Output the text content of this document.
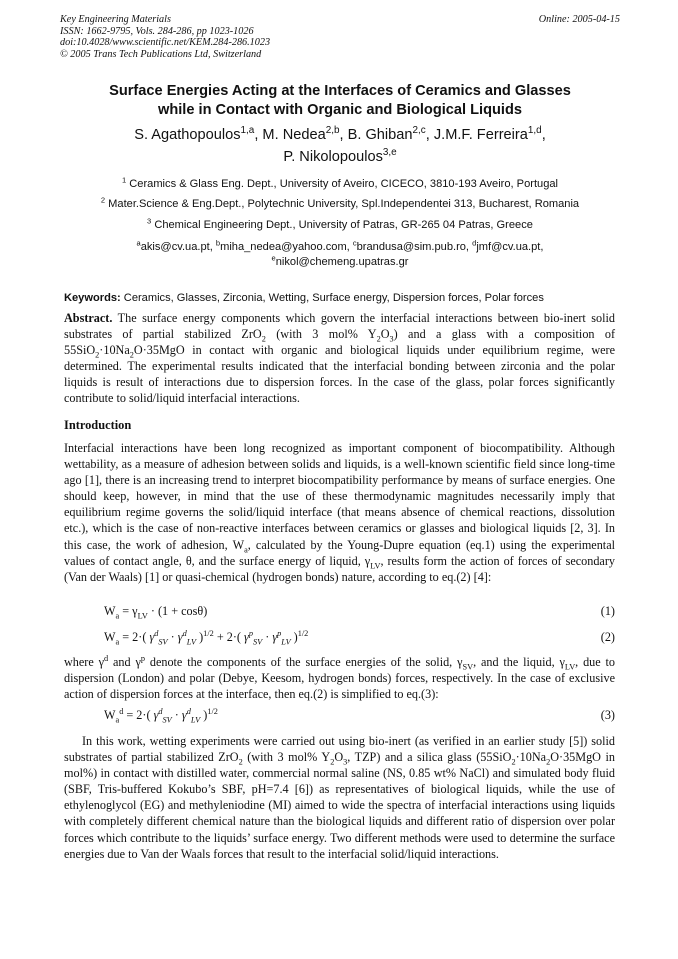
Key Engineering Materials
ISSN: 1662-9795, Vols. 284-286, pp 1023-1026
doi:10.4028/www.scientific.net/KEM.284-286.1023
© 2005 Trans Tech Publications Ltd, Switzerland
Online: 2005-04-15
Surface Energies Acting at the Interfaces of Ceramics and Glasses
while in Contact with Organic and Biological Liquids
S. Agathopoulos$^{1,a}$, M. Nedea$^{2,b}$, B. Ghiban$^{2,c}$, J.M.F. Ferreira$^{1,d}$,
P. Nikolopoulos$^{3,e}$
$^1$ Ceramics & Glass Eng. Dept., University of Aveiro, CICECO, 3810-193 Aveiro, Portugal
$^2$ Mater.Science & Eng.Dept., Polytechnic University, Spl.Independentei 313, Bucharest, Romania
$^3$ Chemical Engineering Dept., University of Patras, GR-265 04 Patras, Greece
$^a$akis@cv.ua.pt, $^b$miha_nedea@yahoo.com, $^c$brandusa@sim.pub.ro, $^d$jmf@cv.ua.pt,
$^e$nikol@chemeng.upatras.gr
Keywords: Ceramics, Glasses, Zirconia, Wetting, Surface energy, Dispersion forces, Polar forces
Abstract. The surface energy components which govern the interfacial interactions between bio-inert solid substrates of partial stabilized ZrO$_2$ (with 3 mol% $Y_2O_3$) and a glass with a composition of $55SiO_2\cdot 10Na_2O\cdot 35MgO$ in contact with organic and biological liquids under equilibrium regime, were determined. The experimental results indicated that the interfacial bonding between zirconia and the polar liquids is result of interactions due to dispersion forces. In the case of the glass, polar forces significantly contribute to solid/liquid interfacial interactions.
Introduction
Interfacial interactions have been long recognized as important component of biocompatibility. Although wettability, as a measure of adhesion between solids and liquids, is a well-known scientific field since long-time ago [1], there is an increasing trend to interpret biocompatibility performance by means of surface energies. One should keep, however, in mind that the use of these thermodynamic magnitudes necessarily imply that equilibrium regime governs the solid/liquid interface (that means absence of chemical reactions, dissolution etc.), which is the case of non-reactive interfaces between ceramics or glasses and biological liquids [2, 3]. In this case, the work of adhesion, $W_a$, calculated by the Young-Dupre equation (eq.1) using the experimental values of contact angle, θ, and the surface energy of liquid, $\gamma_{LV}$, results form the action of forces of secondary (Van der Waals) [1] or quasi-chemical (hydrogen bonds) nature, according to eq.(2) [4]:
$W_a = \gamma_{LV} \cdot (1 + \cos\theta)$	(1)
$W_a = 2\cdot$( $\gamma^d_{SV} \cdot \gamma^d_{LV}$ )$^{1/2}$ + 2·( $\gamma^p_{SV} \cdot \gamma^p_{LV}$ )$^{1/2}$	(2)
where $\gamma^d$ and $\gamma^p$ denote the components of the surface energies of the solid, $\gamma_{SV}$, and the liquid, $\gamma_{LV}$, due to dispersion (London) and polar (Debye, Keesom, hydrogen bonds) forces, respectively. In the case of exclusive action of dispersion forces at the interface, then eq.(2) is simplified to eq.(3):
$W_a^d = 2\cdot$( $\gamma^d_{SV} \cdot \gamma^d_{LV}$ )$^{1/2}$	(3)
In this work, wetting experiments were carried out using bio-inert (as verified in an earlier study [5]) solid substrates of partial stabilized ZrO$_2$ (with 3 mol% $Y_2O_3$, TZP) and a silica glass ($55SiO_2\cdot 10Na_2O\cdot 35MgO$ in mol%) in contact with distilled water, commercial normal saline (NS, 0.85 wt% NaCl) and simulated body fluid (SBF, Tris-buffered Kokubo’s SBF, pH=7.4 [6]) as representatives of biological liquids, while the use of ethylenoglycol (EG) and methyleniodine (MI) aimed to wide the spectra of interfacial interactions using liquids with completely different chemical nature than the biological liquids and different ratio of dispersion over polar forces which contribute to the liquids’ surface energy. Two different methods were used to determine the surface energies due to Van der Waals forces that result to the interfacial solid/liquid interactions.
